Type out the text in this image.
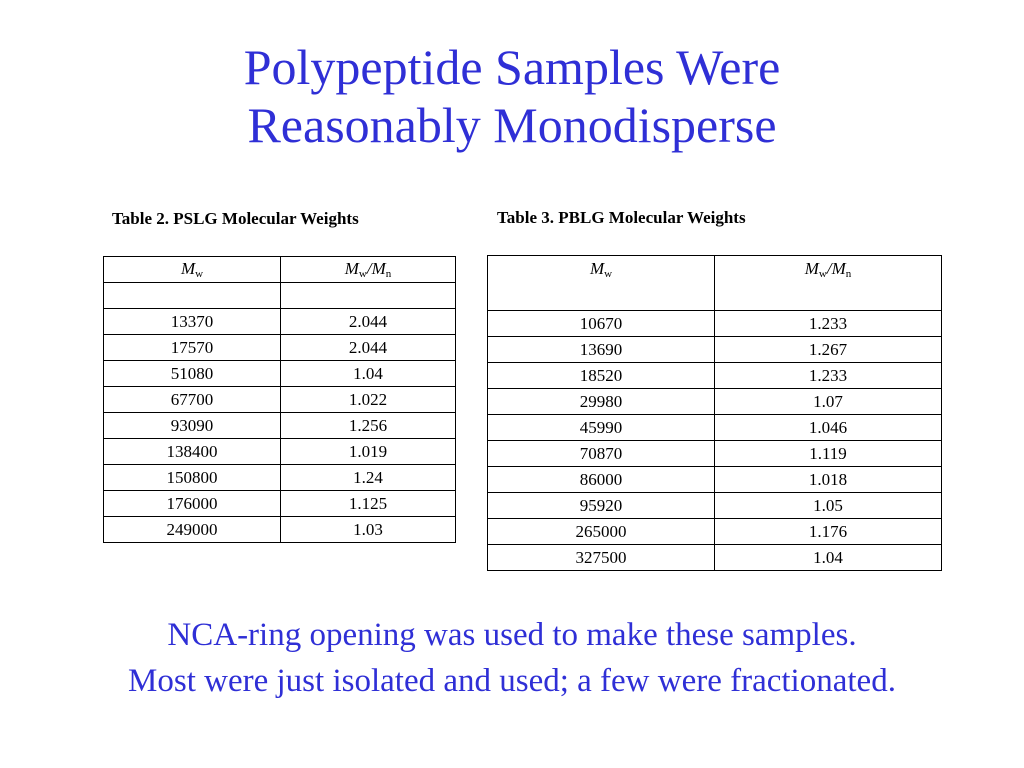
Polypeptide Samples Were
Reasonably Monodisperse
Table 2. PSLG Molecular Weights	Table 3. PBLG Molecular Weights
$M_w$	$M_w/M_n$

13370	2.044
17570	2.044
51080	1.04
67700	1.022
93090	1.256
138400	1.019
150800	1.24
176000	1.125
249000	1.03
$M_w$	$M_w/M_n$
10670	1.233
13690	1.267
18520	1.233
29980	1.07
45990	1.046
70870	1.119
86000	1.018
95920	1.05
265000	1.176
327500	1.04
NCA-ring opening was used to make these samples.
Most were just isolated and used; a few were fractionated.
